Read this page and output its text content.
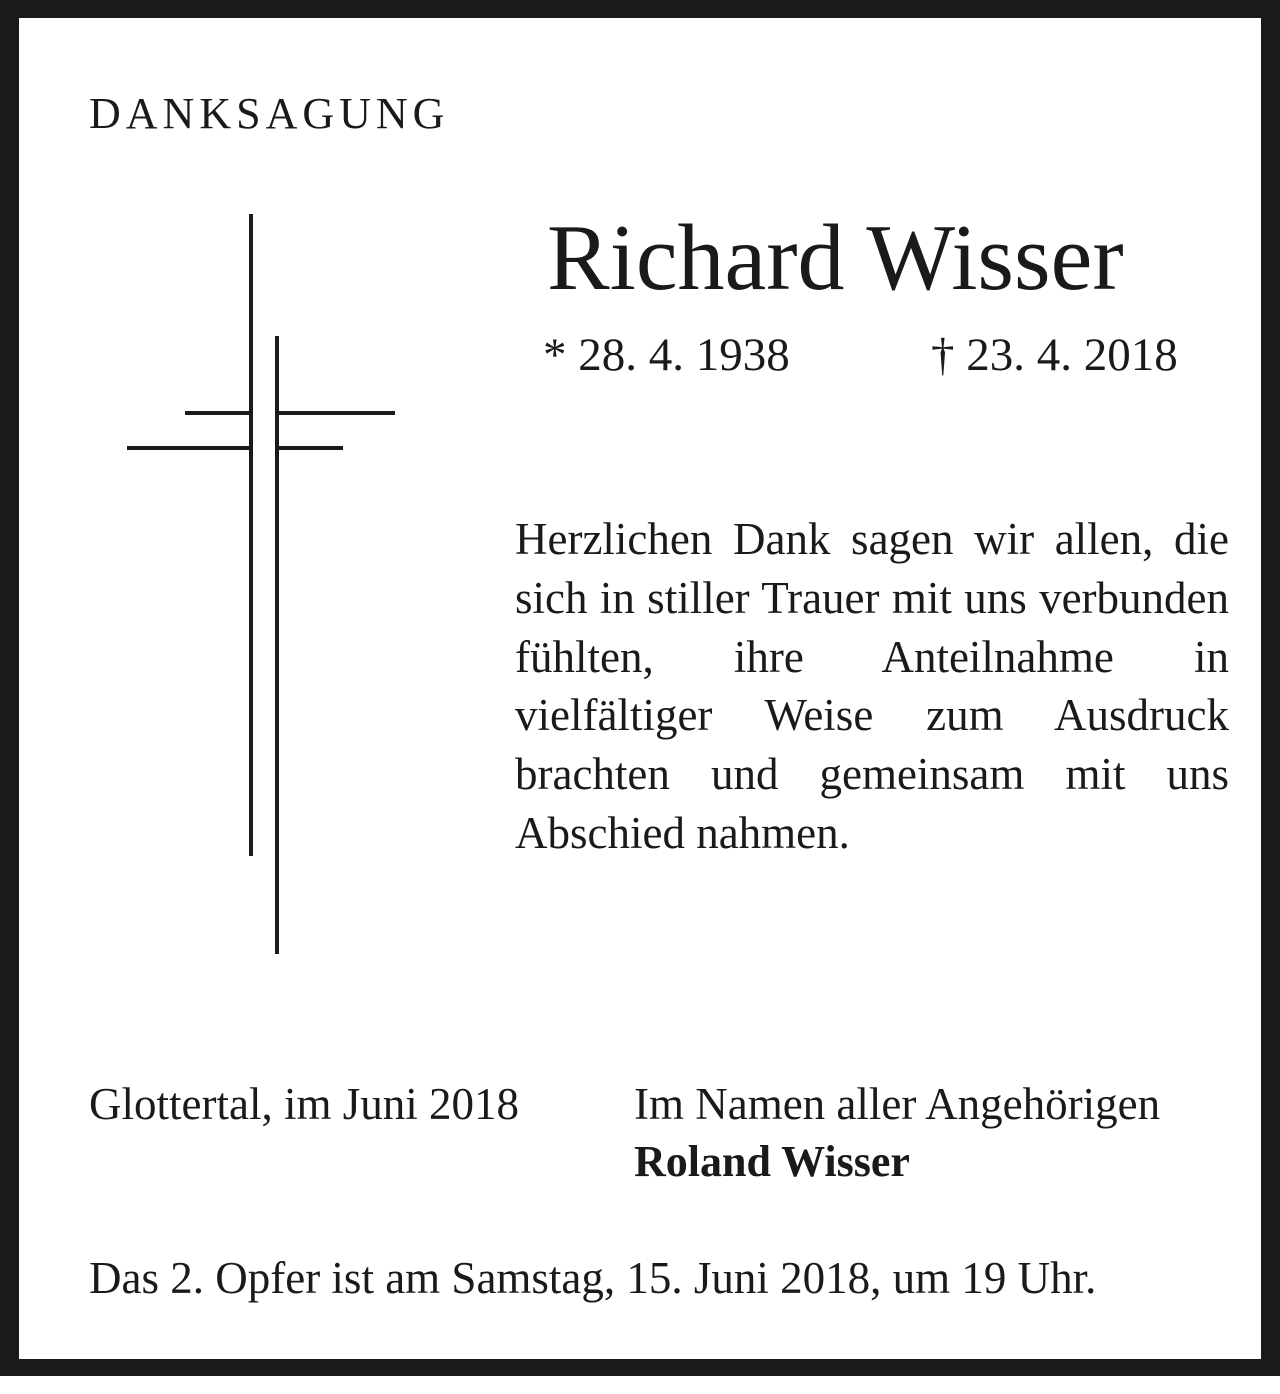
DANKSAGUNG
Richard Wisser
* 28. 4. 1938	† 23. 4. 2018

Herzlichen Dank sagen wir allen, die sich in stiller Trauer mit uns verbunden fühlten, ihre Anteilnahme in vielfältiger Weise zum Ausdruck brachten und gemeinsam mit uns Abschied nahmen.

Glottertal, im Juni 2018	Im Namen aller Angehörigen
Roland Wisser
Das 2. Opfer ist am Samstag, 15. Juni 2018, um 19 Uhr.
